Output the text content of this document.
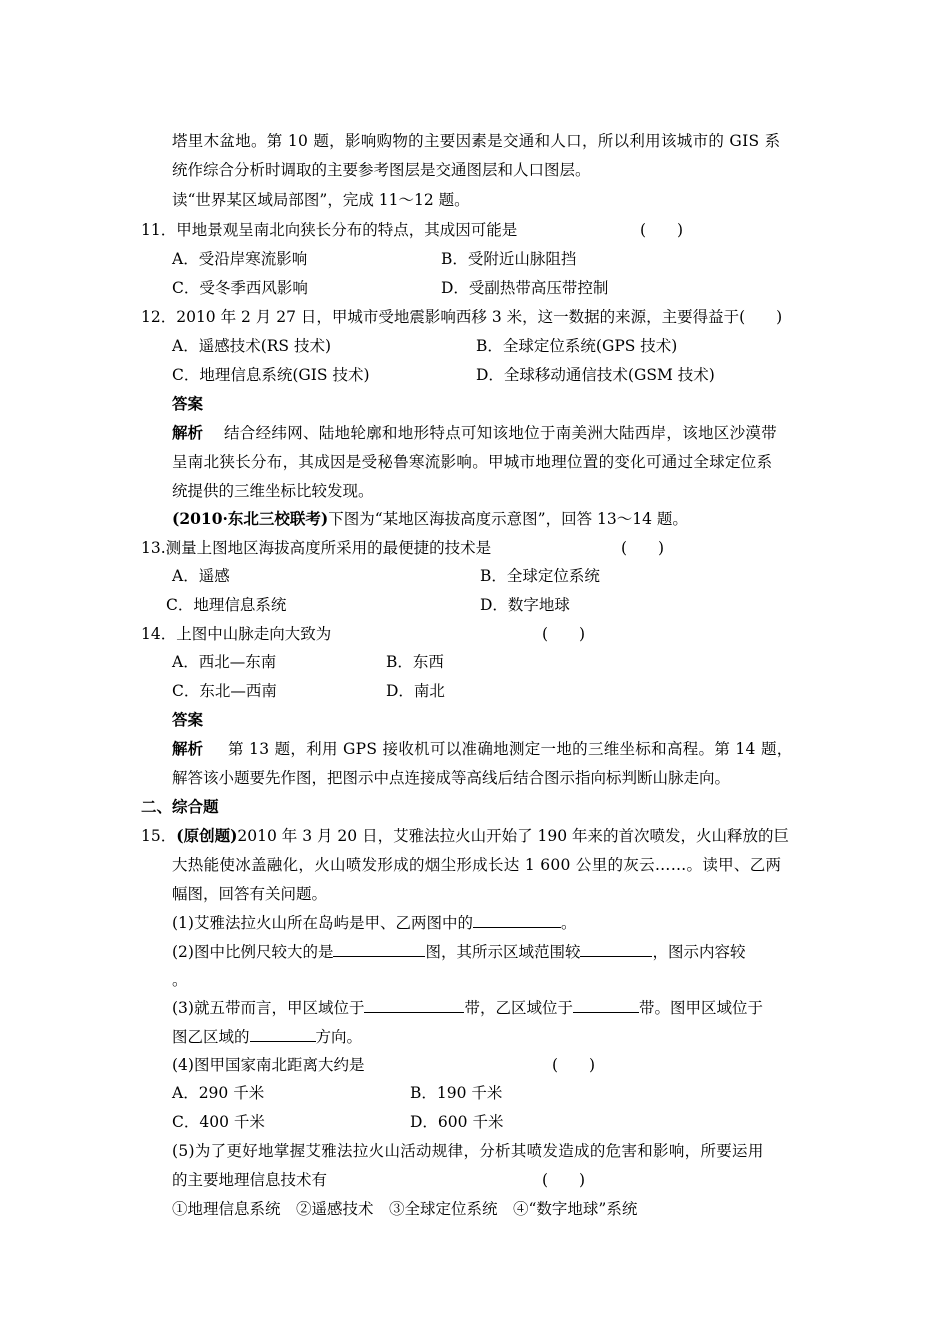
塔里木盆地。第 10 题，影响购物的主要因素是交通和人口，所以利用该城市的 GIS 系
统作综合分析时调取的主要参考图层是交通图层和人口图层。
读“世界某区域局部图”，完成 11～12 题。
11．甲地景观呈南北向狭长分布的特点，其成因可能是	(　　)
A．受沿岸寒流影响	B．受附近山脉阻挡
C．受冬季西风影响	D．受副热带高压带控制
12．2010 年 2 月 27 日，甲城市受地震影响西移 3 米，这一数据的来源，主要得益于(　　)
A．遥感技术(RS 技术)	B．全球定位系统(GPS 技术)
C．地理信息系统(GIS 技术)	D．全球移动通信技术(GSM 技术)
答案
解析 结合经纬网、陆地轮廓和地形特点可知该地位于南美洲大陆西岸，该地区沙漠带
呈南北狭长分布，其成因是受秘鲁寒流影响。甲城市地理位置的变化可通过全球定位系
统提供的三维坐标比较发现。
(2010·东北三校联考)下图为“某地区海拔高度示意图”，回答 13～14 题。
13.测量上图地区海拔高度所采用的最便捷的技术是	(　　)
A．遥感	B．全球定位系统
C．地理信息系统	D．数字地球
14．上图中山脉走向大致为	(　　)
A．西北—东南	B．东西
C．东北—西南	D．南北
答案
解析 第 13 题，利用 GPS 接收机可以准确地测定一地的三维坐标和高程。第 14 题，
解答该小题要先作图，把图示中点连接成等高线后结合图示指向标判断山脉走向。
二、综合题
15．(原创题)2010 年 3 月 20 日，艾雅法拉火山开始了 190 年来的首次喷发，火山释放的巨
大热能使冰盖融化，火山喷发形成的烟尘形成长达 1 600 公里的灰云……。读甲、乙两
幅图，回答有关问题。
(1)艾雅法拉火山所在岛屿是甲、乙两图中的	。
(2)图中比例尺较大的是	图，其所示区域范围较	，图示内容较
。
(3)就五带而言，甲区域位于	带，乙区域位于	带。图甲区域位于
图乙区域的	方向。
(4)图甲国家南北距离大约是	(　　)
A．290 千米	B．190 千米
C．400 千米	D．600 千米
(5)为了更好地掌握艾雅法拉火山活动规律，分析其喷发造成的危害和影响，所要运用
的主要地理信息技术有	(　　)
①地理信息系统　②遥感技术　③全球定位系统　④“数字地球”系统
